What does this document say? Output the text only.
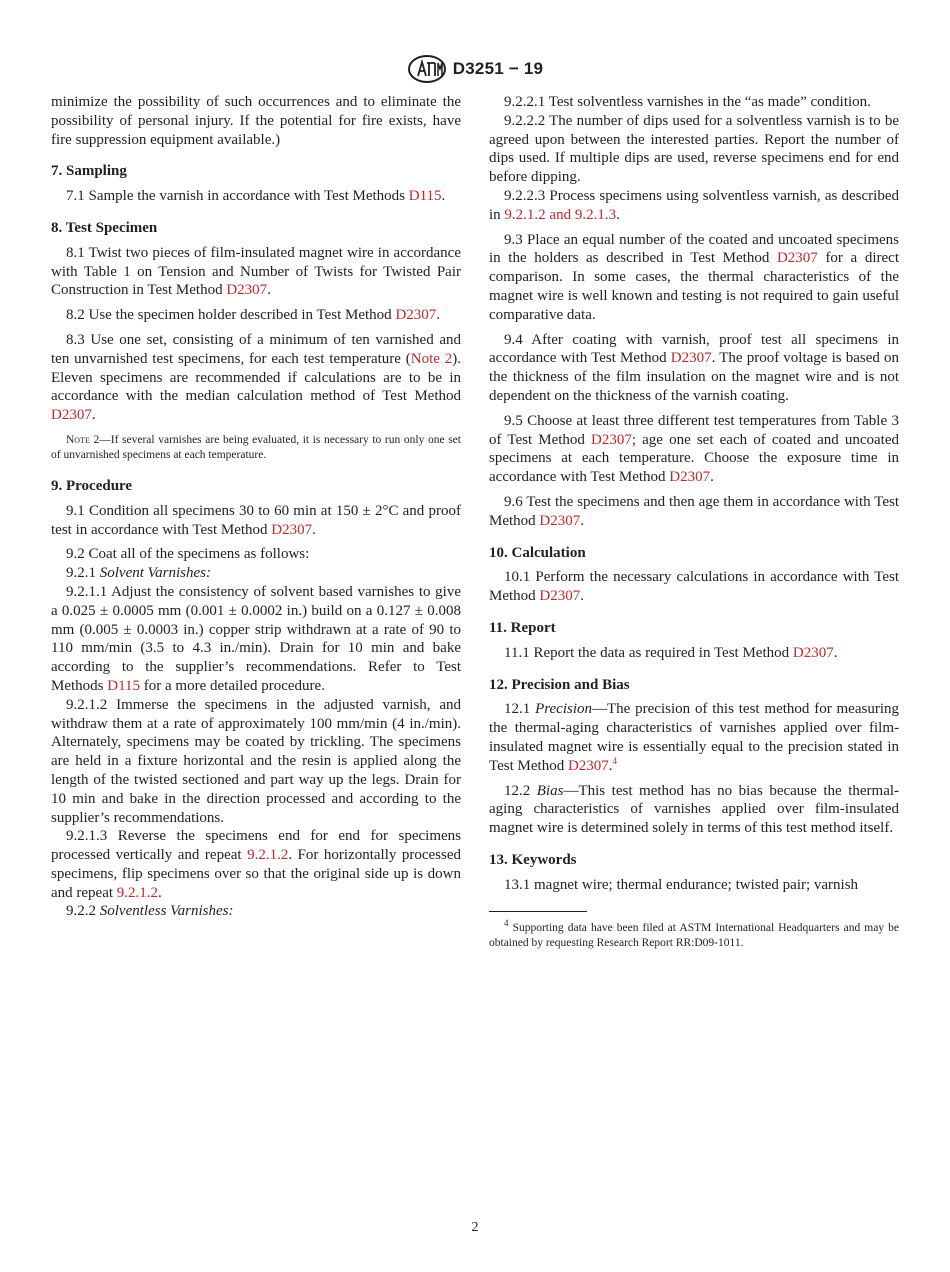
D3251 − 19

minimize the possibility of such occurrences and to eliminate the possibility of personal injury. If the potential for fire exists, have fire suppression equipment available.)

7. Sampling

7.1 Sample the varnish in accordance with Test Methods D115.

8. Test Specimen

8.1 Twist two pieces of film-insulated magnet wire in accordance with Table 1 on Tension and Number of Twists for Twisted Pair Construction in Test Method D2307.

8.2 Use the specimen holder described in Test Method D2307.

8.3 Use one set, consisting of a minimum of ten varnished and ten unvarnished test specimens, for each test temperature (Note 2). Eleven specimens are recommended if calculations are to be in accordance with the median calculation method of Test Method D2307.

Note 2—If several varnishes are being evaluated, it is necessary to run only one set of unvarnished specimens at each temperature.

9. Procedure

9.1 Condition all specimens 30 to 60 min at 150 ± 2°C and proof test in accordance with Test Method D2307.

9.2 Coat all of the specimens as follows:

9.2.1 Solvent Varnishes:

9.2.1.1 Adjust the consistency of solvent based varnishes to give a 0.025 ± 0.0005 mm (0.001 ± 0.0002 in.) build on a 0.127 ± 0.008 mm (0.005 ± 0.0003 in.) copper strip withdrawn at a rate of 90 to 110 mm/min (3.5 to 4.3 in./min). Drain for 10 min and bake according to the supplier’s recommendations. Refer to Test Methods D115 for a more detailed procedure.

9.2.1.2 Immerse the specimens in the adjusted varnish, and withdraw them at a rate of approximately 100 mm/min (4 in./min). Alternately, specimens may be coated by trickling. The specimens are held in a fixture horizontal and the resin is applied along the length of the twisted sectioned and part way up the legs. Drain for 10 min and bake in the direction processed and according to the supplier’s recommendations.

9.2.1.3 Reverse the specimens end for end for specimens processed vertically and repeat 9.2.1.2. For horizontally processed specimens, flip specimens over so that the original side up is down and repeat 9.2.1.2.

9.2.2 Solventless Varnishes:

9.2.2.1 Test solventless varnishes in the “as made” condition.

9.2.2.2 The number of dips used for a solventless varnish is to be agreed upon between the interested parties. Report the number of dips used. If multiple dips are used, reverse specimens end for end before dipping.

9.2.2.3 Process specimens using solventless varnish, as described in 9.2.1.2 and 9.2.1.3.

9.3 Place an equal number of the coated and uncoated specimens in the holders as described in Test Method D2307 for a direct comparison. In some cases, the thermal characteristics of the magnet wire is well known and testing is not required to gain useful comparative data.

9.4 After coating with varnish, proof test all specimens in accordance with Test Method D2307. The proof voltage is based on the thickness of the film insulation on the magnet wire and is not dependent on the thickness of the varnish coating.

9.5 Choose at least three different test temperatures from Table 3 of Test Method D2307; age one set each of coated and uncoated specimens at each temperature. Choose the exposure time in accordance with Test Method D2307.

9.6 Test the specimens and then age them in accordance with Test Method D2307.

10. Calculation

10.1 Perform the necessary calculations in accordance with Test Method D2307.

11. Report

11.1 Report the data as required in Test Method D2307.

12. Precision and Bias

12.1 Precision—The precision of this test method for measuring the thermal-aging characteristics of varnishes applied over film-insulated magnet wire is essentially equal to the precision stated in Test Method D2307.$^4$

12.2 Bias—This test method has no bias because the thermal-aging characteristics of varnishes applied over film-insulated magnet wire is determined solely in terms of this test method itself.

13. Keywords

13.1 magnet wire; thermal endurance; twisted pair; varnish

$^4$ Supporting data have been filed at ASTM International Headquarters and may be obtained by requesting Research Report RR:D09-1011.

2
